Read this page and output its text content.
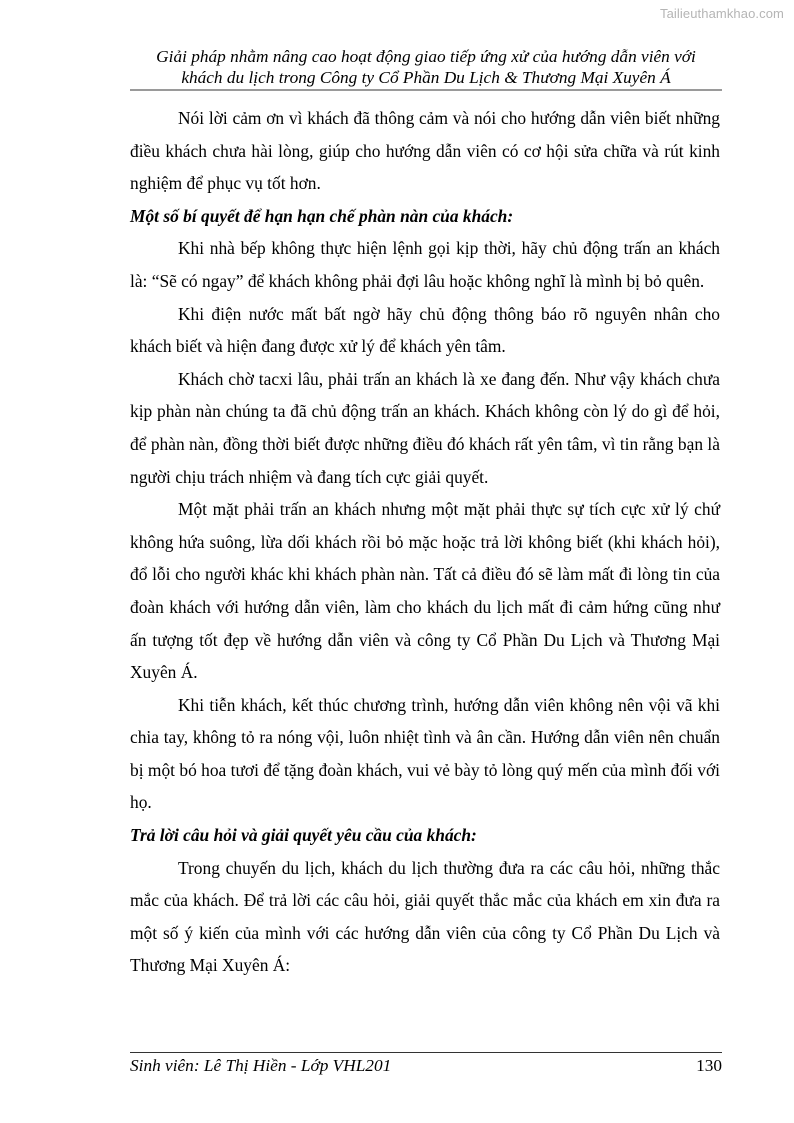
Tailieuthamkhao.com
Giải pháp nhằm nâng cao hoạt động giao tiếp ứng xử của hướng dẫn viên với
khách du lịch trong Công ty Cổ Phần Du Lịch & Thương Mại Xuyên Á

Nói lời cảm ơn vì khách đã thông cảm và nói cho hướng dẫn viên biết những điều khách chưa hài lòng, giúp cho hướng dẫn viên có cơ hội sửa chữa và rút kinh nghiệm để phục vụ tốt hơn.

Một số bí quyết để hạn hạn chế phàn nàn của khách:

Khi nhà bếp không thực hiện lệnh gọi kịp thời, hãy chủ động trấn an khách là: “Sẽ có ngay” để khách không phải đợi lâu hoặc không nghĩ là mình bị bỏ quên.

Khi điện nước mất bất ngờ hãy chủ động thông báo rõ nguyên nhân cho khách biết và hiện đang được xử lý để khách yên tâm.

Khách chờ tacxi lâu, phải trấn an khách là xe đang đến. Như vậy khách chưa kịp phàn nàn chúng ta đã chủ động trấn an khách. Khách không còn lý do gì để hỏi, để phàn nàn, đồng thời biết được những điều đó khách rất yên tâm, vì tin rằng bạn là người chịu trách nhiệm và đang tích cực giải quyết.

Một mặt phải trấn an khách nhưng một mặt phải thực sự tích cực xử lý chứ không hứa suông, lừa dối khách rồi bỏ mặc hoặc trả lời không biết (khi khách hỏi), đổ lỗi cho người khác khi khách phàn nàn. Tất cả điều đó sẽ làm mất đi lòng tin của đoàn khách với hướng dẫn viên, làm cho khách du lịch mất đi cảm hứng cũng như ấn tượng tốt đẹp về hướng dẫn viên và công ty Cổ Phần Du Lịch và Thương Mại Xuyên Á.

Khi tiễn khách, kết thúc chương trình, hướng dẫn viên không nên vội vã khi chia tay, không tỏ ra nóng vội, luôn nhiệt tình và ân cần. Hướng dẫn viên nên chuẩn bị một bó hoa tươi để tặng đoàn khách, vui vẻ bày tỏ lòng quý mến của mình đối với họ.

Trả lời câu hỏi và giải quyết yêu cầu của khách:

Trong chuyến du lịch, khách du lịch thường đưa ra các câu hỏi, những thắc mắc của khách. Để trả lời các câu hỏi, giải quyết thắc mắc của khách em xin đưa ra một số ý kiến của mình với các hướng dẫn viên của công ty Cổ Phần Du Lịch và Thương Mại Xuyên Á:

Sinh viên: Lê Thị Hiền - Lớp VHL201	130
